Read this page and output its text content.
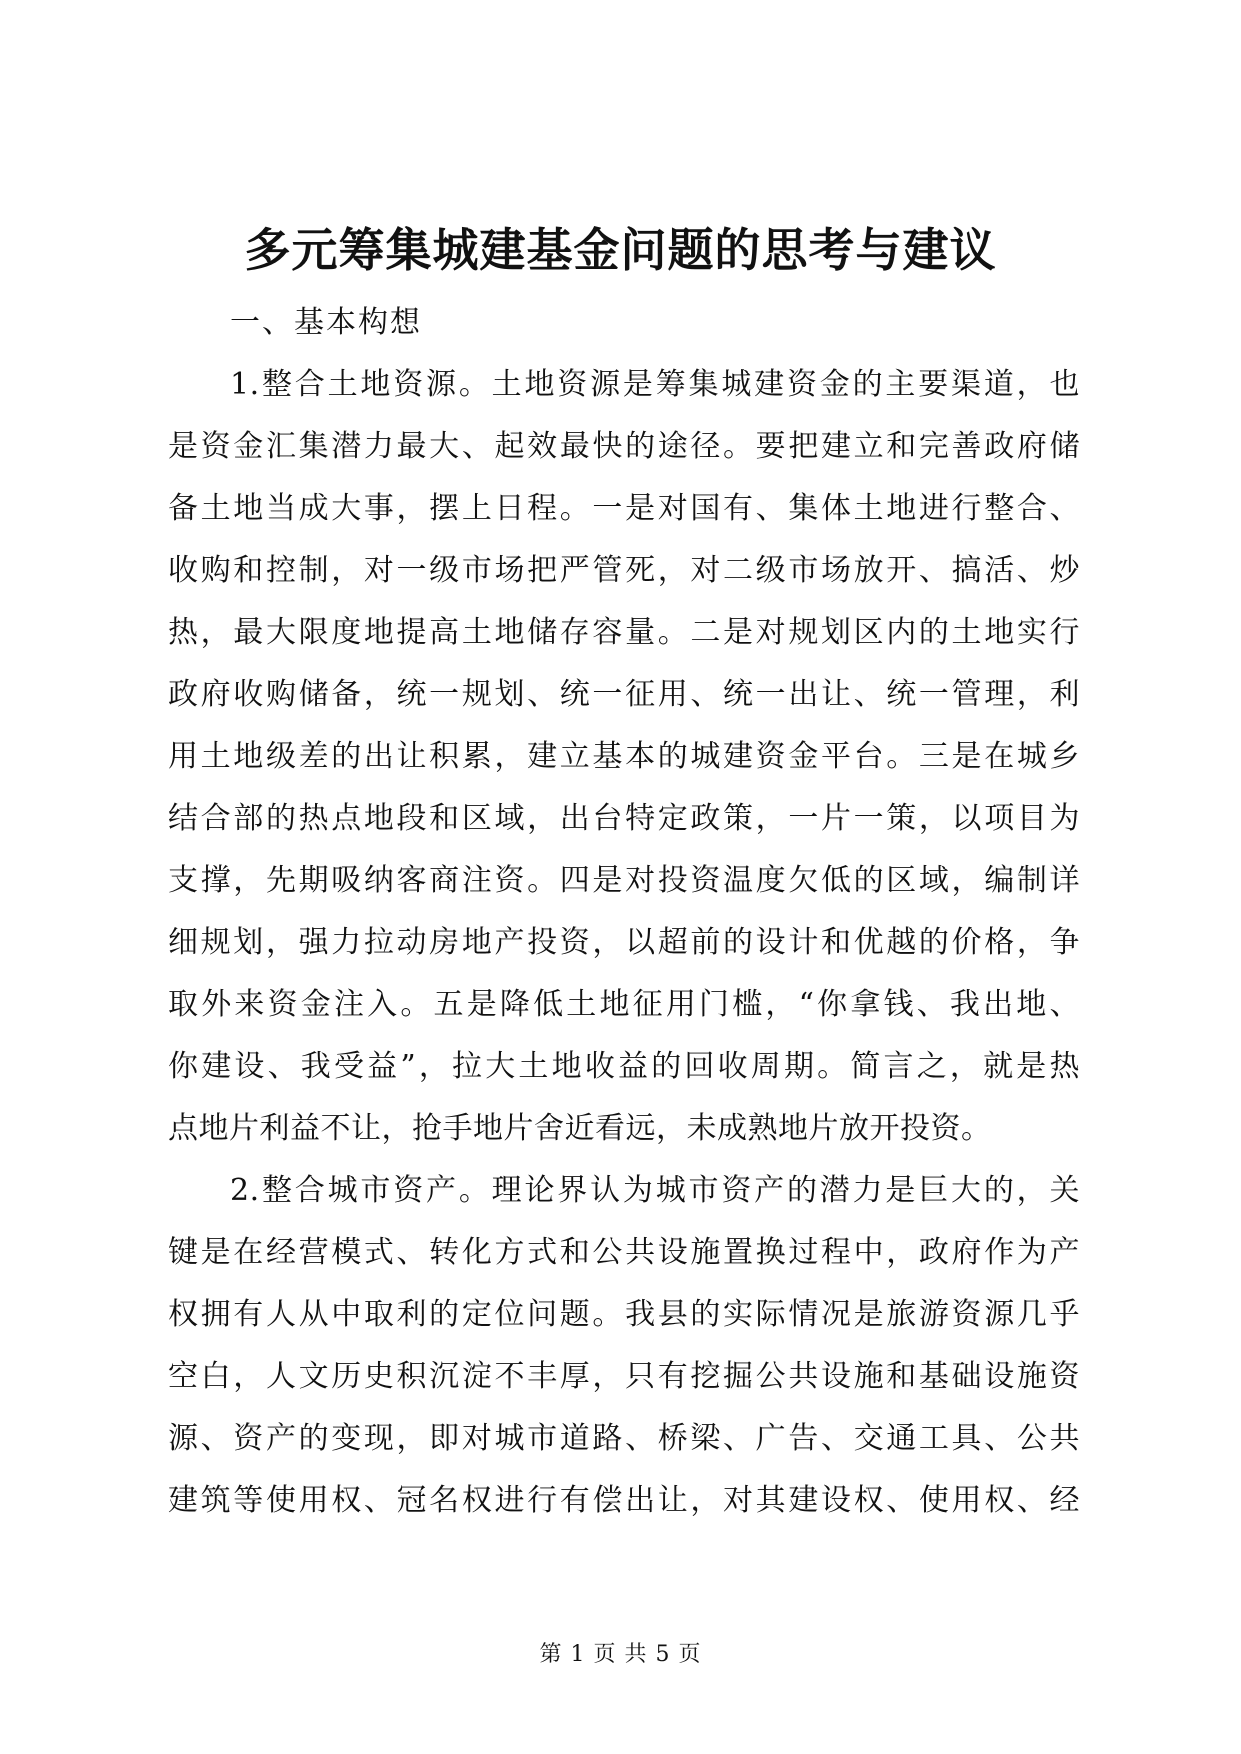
多元筹集城建基金问题的思考与建议
一、基本构想
1.整合土地资源。土地资源是筹集城建资金的主要渠道，也
是资金汇集潜力最大、起效最快的途径。要把建立和完善政府储
备土地当成大事，摆上日程。一是对国有、集体土地进行整合、
收购和控制，对一级市场把严管死，对二级市场放开、搞活、炒
热，最大限度地提高土地储存容量。二是对规划区内的土地实行
政府收购储备，统一规划、统一征用、统一出让、统一管理，利
用土地级差的出让积累，建立基本的城建资金平台。三是在城乡
结合部的热点地段和区域，出台特定政策，一片一策，以项目为
支撑，先期吸纳客商注资。四是对投资温度欠低的区域，编制详
细规划，强力拉动房地产投资，以超前的设计和优越的价格，争
取外来资金注入。五是降低土地征用门槛，“你拿钱、我出地、
你建设、我受益”，拉大土地收益的回收周期。简言之，就是热
点地片利益不让，抢手地片舍近看远，未成熟地片放开投资。
2.整合城市资产。理论界认为城市资产的潜力是巨大的，关
键是在经营模式、转化方式和公共设施置换过程中，政府作为产
权拥有人从中取利的定位问题。我县的实际情况是旅游资源几乎
空白，人文历史积沉淀不丰厚，只有挖掘公共设施和基础设施资
源、资产的变现，即对城市道路、桥梁、广告、交通工具、公共
建筑等使用权、冠名权进行有偿出让，对其建设权、使用权、经
第 1 页 共 5 页
